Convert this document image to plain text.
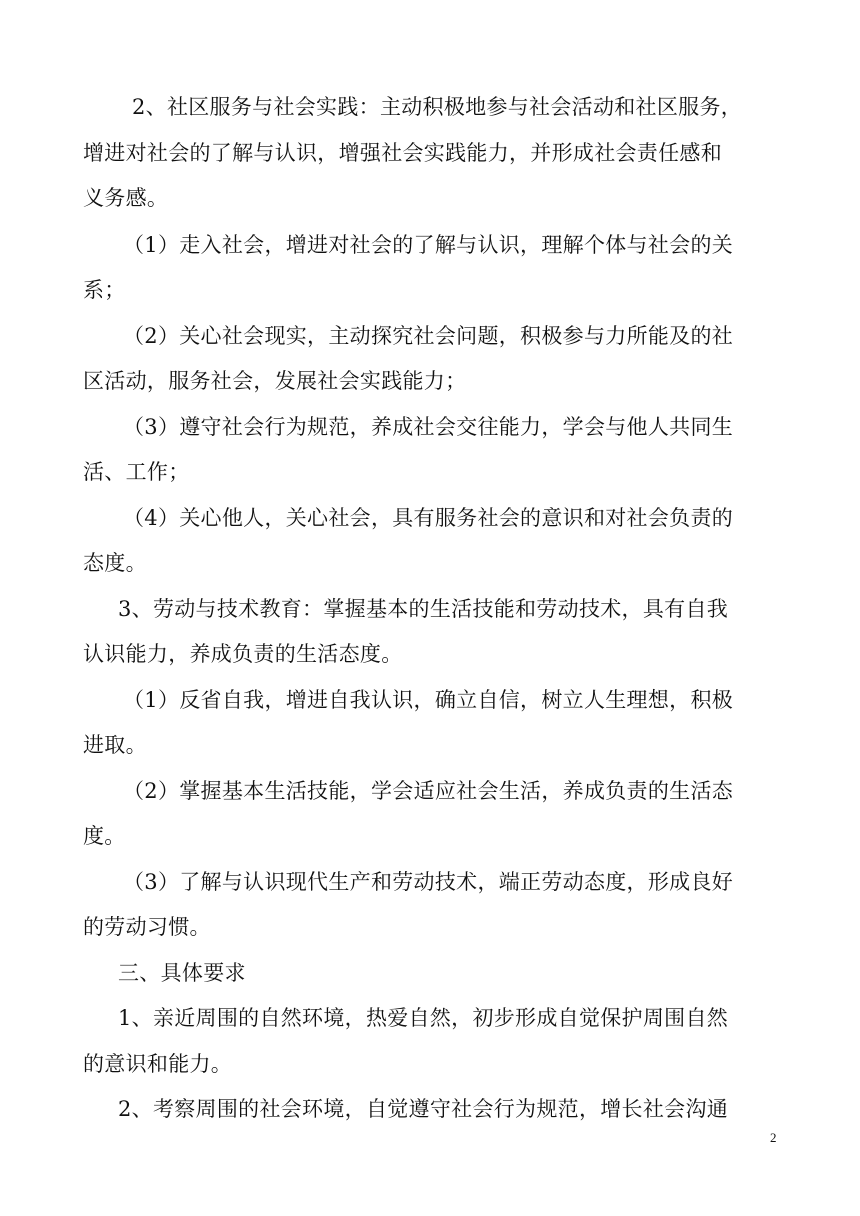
2、社区服务与社会实践：主动积极地参与社会活动和社区服务，
增进对社会的了解与认识，增强社会实践能力，并形成社会责任感和
义务感。
（1）走入社会，增进对社会的了解与认识，理解个体与社会的关
系；
（2）关心社会现实，主动探究社会问题，积极参与力所能及的社
区活动，服务社会，发展社会实践能力；
（3）遵守社会行为规范，养成社会交往能力，学会与他人共同生
活、工作；
（4）关心他人，关心社会，具有服务社会的意识和对社会负责的
态度。
3、劳动与技术教育：掌握基本的生活技能和劳动技术，具有自我
认识能力，养成负责的生活态度。
（1）反省自我，增进自我认识，确立自信，树立人生理想，积极
进取。
（2）掌握基本生活技能，学会适应社会生活，养成负责的生活态
度。
（3）了解与认识现代生产和劳动技术，端正劳动态度，形成良好
的劳动习惯。
三、具体要求
1、亲近周围的自然环境，热爱自然，初步形成自觉保护周围自然
的意识和能力。
2、考察周围的社会环境，自觉遵守社会行为规范，增长社会沟通
2
